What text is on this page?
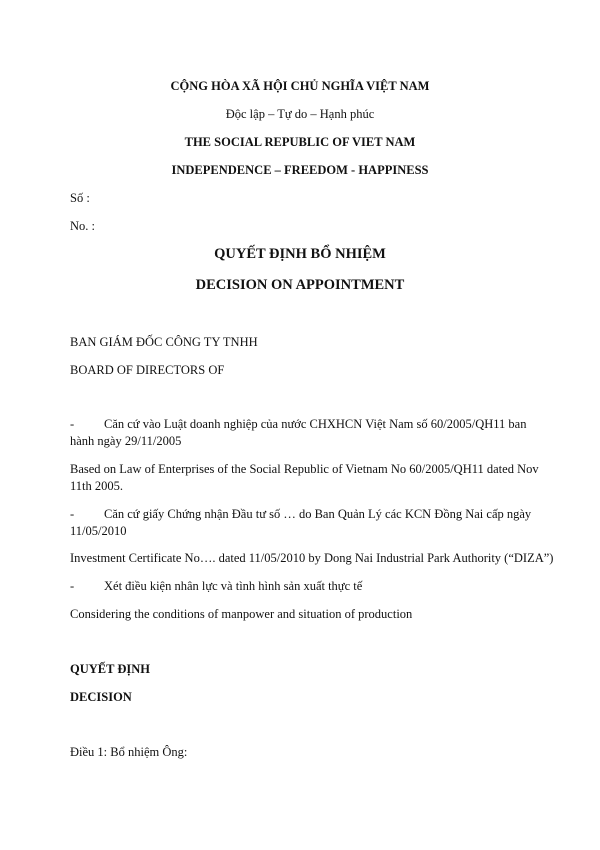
CỘNG HÒA XÃ HỘI CHỦ NGHĨA VIỆT NAM
Độc lập – Tự do – Hạnh phúc
THE SOCIAL REPUBLIC OF VIET NAM
INDEPENDENCE – FREEDOM - HAPPINESS
Số :
No. :
QUYẾT ĐỊNH BỔ NHIỆM
DECISION ON APPOINTMENT
BAN GIÁM ĐỐC CÔNG TY TNHH
BOARD OF DIRECTORS OF
- Căn cứ vào Luật doanh nghiệp của nước CHXHCN Việt Nam số 60/2005/QH11 ban hành ngày 29/11/2005
Based on Law of Enterprises of the Social Republic of Vietnam No 60/2005/QH11 dated Nov 11th 2005.
- Căn cứ giấy Chứng nhận Đầu tư số … do Ban Quản Lý các KCN Đồng Nai cấp ngày 11/05/2010
Investment Certificate No…. dated 11/05/2010 by Dong Nai Industrial Park Authority (“DIZA”)
- Xét điều kiện nhân lực và tình hình sản xuất thực tế
Considering the conditions of manpower and situation of production
QUYẾT ĐỊNH
DECISION
Điều 1: Bổ nhiệm Ông:
